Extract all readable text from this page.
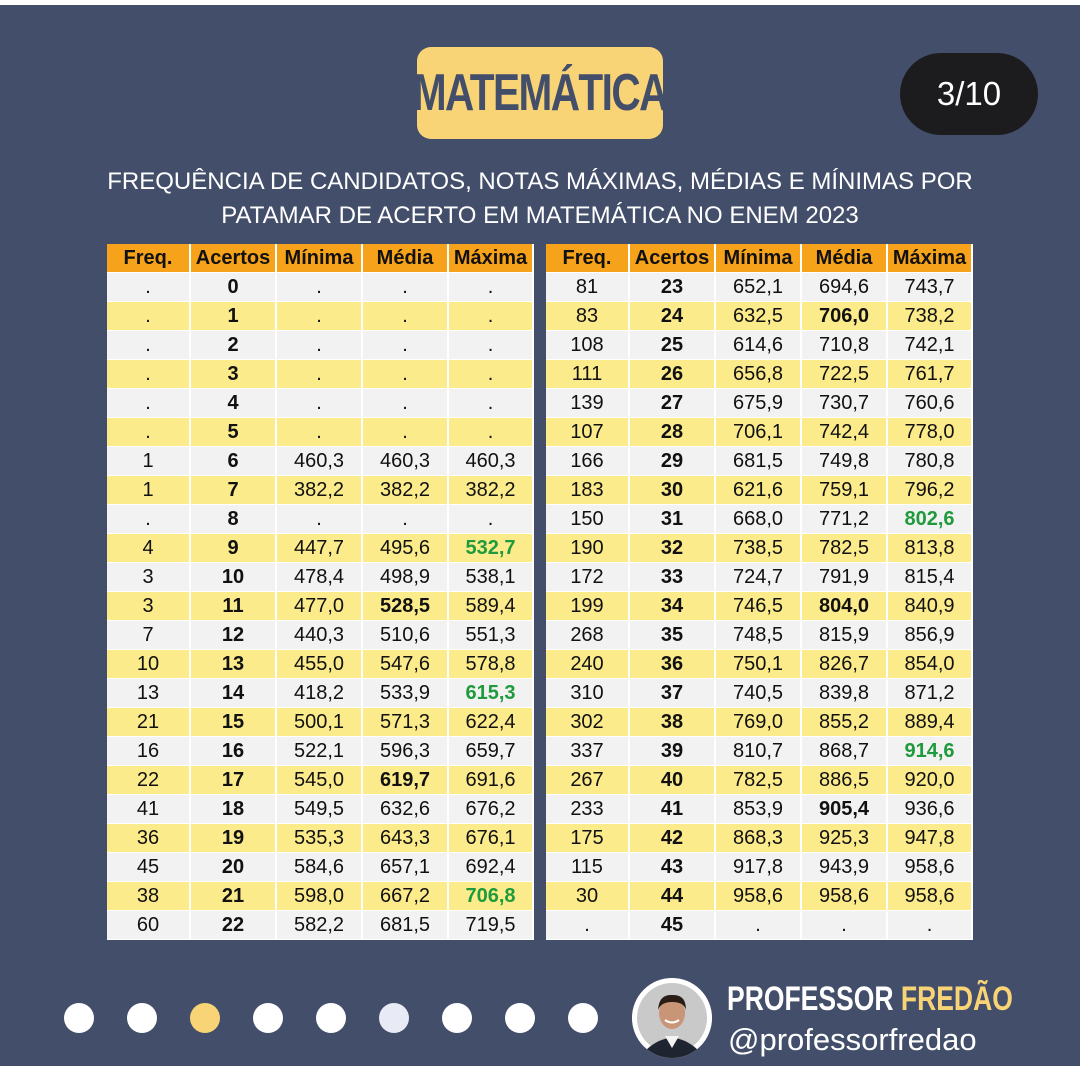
MATEMÁTICA	3/10
FREQUÊNCIA DE CANDIDATOS, NOTAS MÁXIMAS, MÉDIAS E MÍNIMAS POR
PATAMAR DE ACERTO EM MATEMÁTICA NO ENEM 2023
Freq.	Acertos	Mínima	Média	Máxima
.	0	.	.	.
.	1	.	.	.
.	2	.	.	.
.	3	.	.	.
.	4	.	.	.
.	5	.	.	.
1	6	460,3	460,3	460,3
1	7	382,2	382,2	382,2
.	8	.	.	.
4	9	447,7	495,6	532,7
3	10	478,4	498,9	538,1
3	11	477,0	528,5	589,4
7	12	440,3	510,6	551,3
10	13	455,0	547,6	578,8
13	14	418,2	533,9	615,3
21	15	500,1	571,3	622,4
16	16	522,1	596,3	659,7
22	17	545,0	619,7	691,6
41	18	549,5	632,6	676,2
36	19	535,3	643,3	676,1
45	20	584,6	657,1	692,4
38	21	598,0	667,2	706,8
60	22	582,2	681,5	719,5
Freq.	Acertos	Mínima	Média	Máxima
81	23	652,1	694,6	743,7
83	24	632,5	706,0	738,2
108	25	614,6	710,8	742,1
111	26	656,8	722,5	761,7
139	27	675,9	730,7	760,6
107	28	706,1	742,4	778,0
166	29	681,5	749,8	780,8
183	30	621,6	759,1	796,2
150	31	668,0	771,2	802,6
190	32	738,5	782,5	813,8
172	33	724,7	791,9	815,4
199	34	746,5	804,0	840,9
268	35	748,5	815,9	856,9
240	36	750,1	826,7	854,0
310	37	740,5	839,8	871,2
302	38	769,0	855,2	889,4
337	39	810,7	868,7	914,6
267	40	782,5	886,5	920,0
233	41	853,9	905,4	936,6
175	42	868,3	925,3	947,8
115	43	917,8	943,9	958,6
30	44	958,6	958,6	958,6
.	45	.	.	.
PROFESSOR FREDÃO
@professorfredao
